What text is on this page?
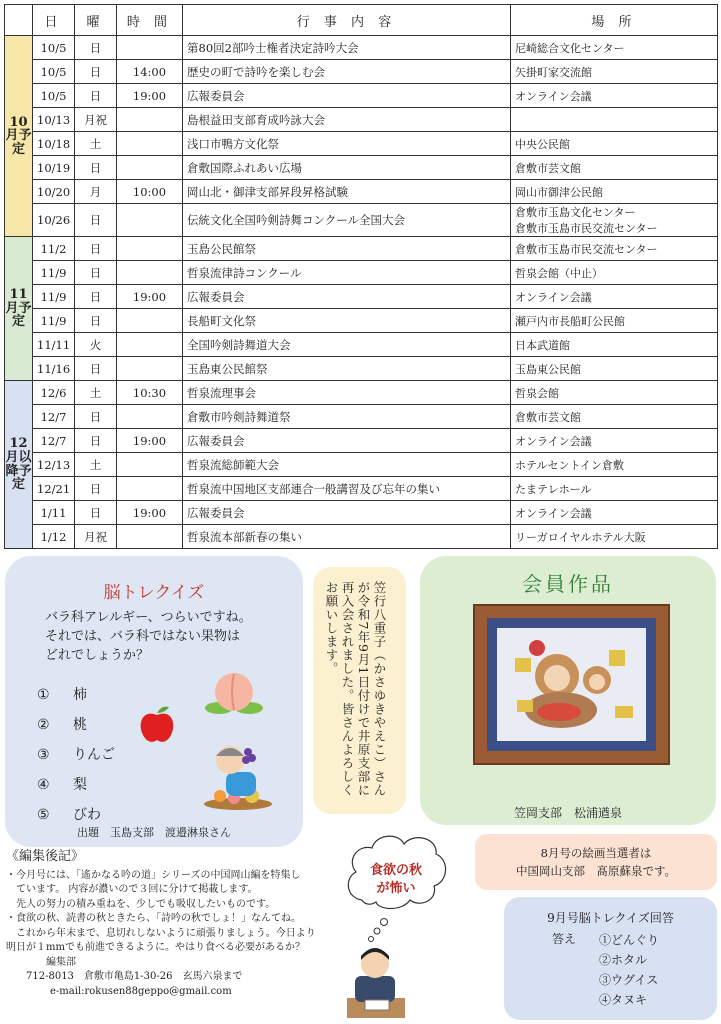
	日	曜	時 間	行 事 内 容	場 所
10月予定	10/5	日		第80回2部吟士権者決定詩吟大会	尼崎総合文化センター

	10/5	日	14:00	歴史の町で詩吟を楽しむ会	矢掛町家交流館

	10/5	日	19:00	広報委員会	オンライン会議

	10/13	月祝		島根益田支部育成吟詠大会	

	10/18	土		浅口市鴨方文化祭	中央公民館

	10/19	日		倉敷国際ふれあい広場	倉敷市芸文館

	10/20	月	10:00	岡山北・御津支部昇段昇格試験	岡山市御津公民館

	10/26	日		伝統文化全国吟剣詩舞コンクール全国大会	倉敷市玉島文化センター
倉敷市玉島市民交流センター

11月予定	11/2	日		玉島公民館祭	倉敷市玉島市民交流センター

	11/9	日		哲泉流律詩コンクール	哲泉会館（中止）

	11/9	日	19:00	広報委員会	オンライン会議

	11/9	日		長船町文化祭	瀬戸内市長船町公民館

	11/11	火		全国吟剣詩舞道大会	日本武道館

	11/16	日		玉島東公民館祭	玉島東公民館

12月以降予定	12/6	土	10:30	哲泉流理事会	哲泉会館

	12/7	日		倉敷市吟剣詩舞道祭	倉敷市芸文館

	12/7	日	19:00	広報委員会	オンライン会議

	12/13	土		哲泉流総師範大会	ホテルセントイン倉敷

	12/21	日		哲泉流中国地区支部連合一般講習及び忘年の集い	たまテレホール

	1/11	日	19:00	広報委員会	オンライン会議

	1/12	月祝		哲泉流本部新春の集い	リーガロイヤルホテル大阪
脳トレクイズ
バラ科アレルギー、つらいですね。
それでは、バラ科ではない果物は
どれでしょうか？
① 柿
② 桃
③ りんご
④ 梨
⑤ びわ
出題　玉島支部　渡邉淋泉さん
笠行八重子（かさゆきやえこ）さんが令和7年9月1日付けで井原支部に再入会されました。皆さんよろしくお願いします。	会員作品
笠岡支部　松浦遒泉
8月号の絵画当選者は
中国岡山支部　髙原蘇泉です。
9月号脳トレクイズ回答
答え ①どんぐり
②ホタル
③ウグイス
④タヌキ
《編集後記》
・今月号には、「遙かなる吟の道」シリーズの中国岡山編を特集し
ています。 内容が濃いので３回に分けて掲載します。
先人の努力の積み重ねを、少しでも吸収したいものです。
・食欲の秋、読書の秋ときたら、「詩吟の秋でしょ！」なんてね。
これから年末まで、息切れしないように頑張りましょう。今日より
明日が１mmでも前進できるように。やはり食べる必要があるか？
編集部
712-8013　倉敷市亀島1-30-26　玄馬六泉まで
e-mail:rokusen88geppo@gmail.com
食欲の秋
が怖い
